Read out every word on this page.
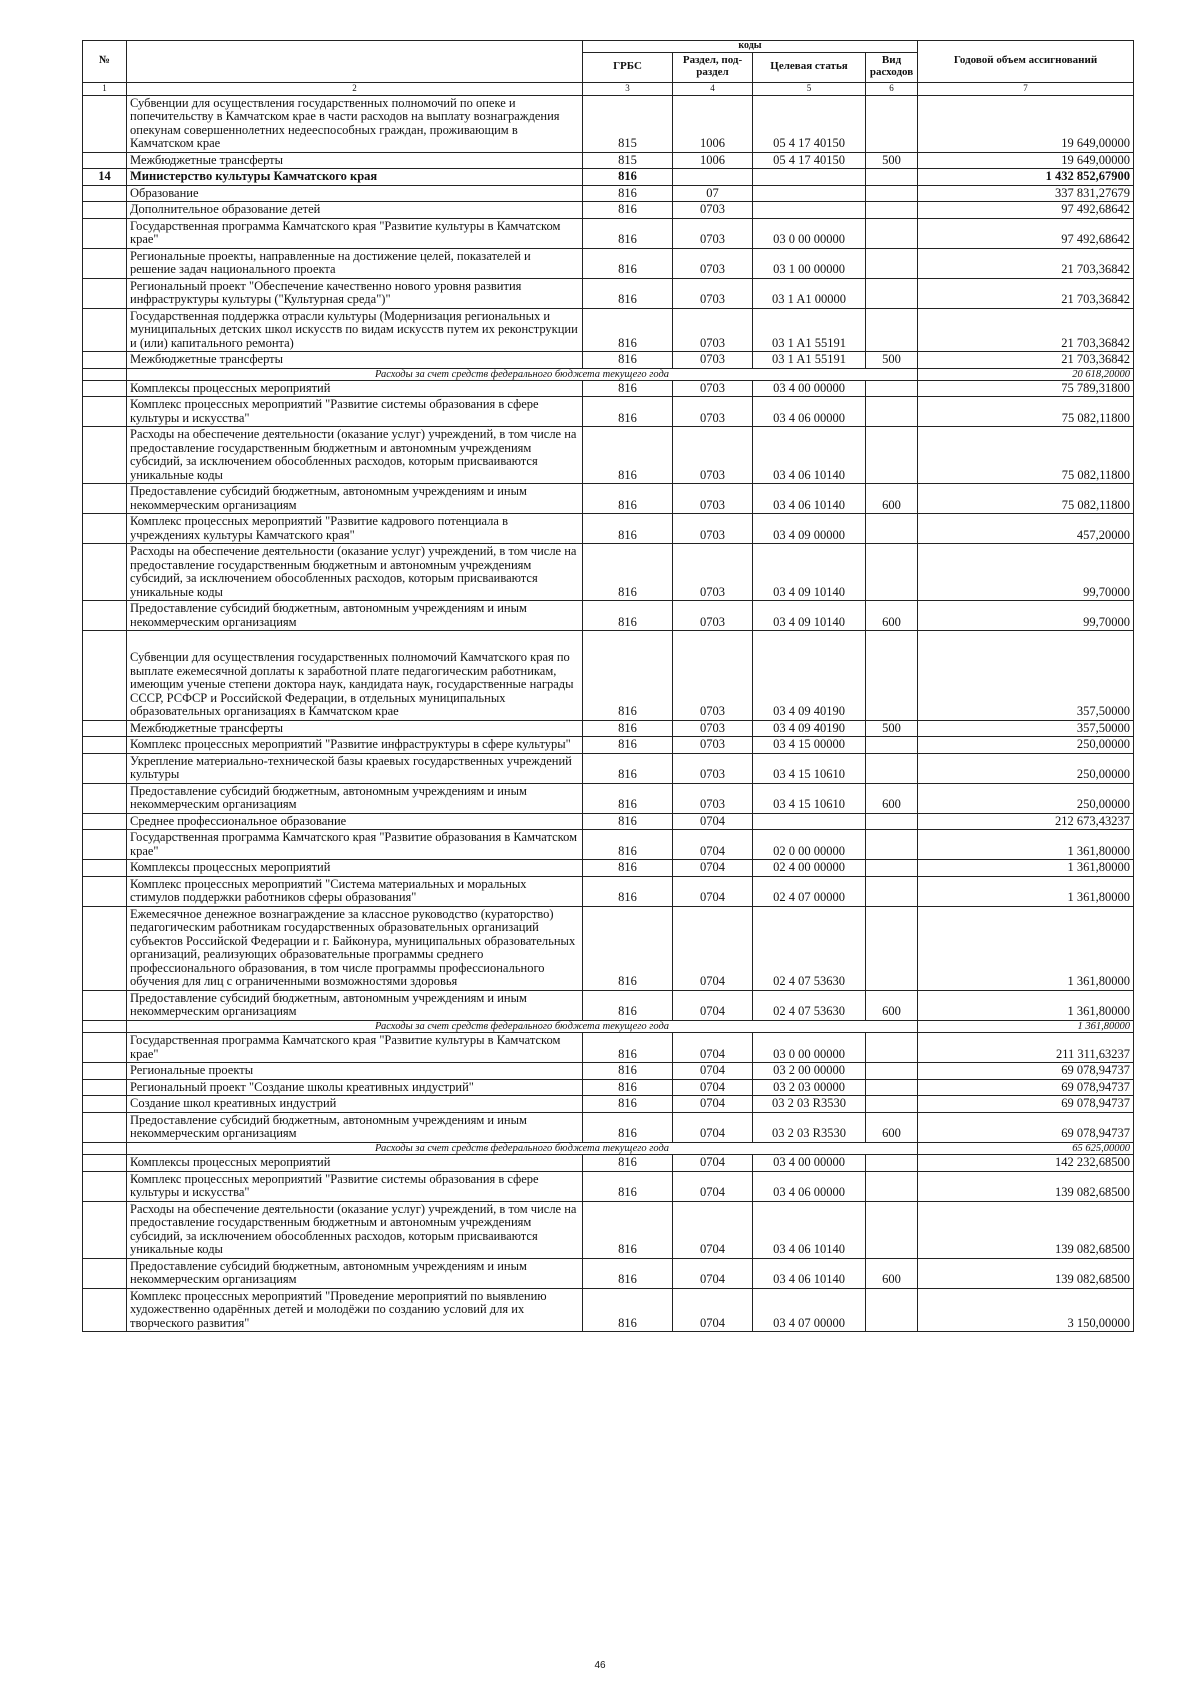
№		коды				Годовой объем ассигнований
		ГРБС	Раздел, под-раздел	Целевая статья	Вид расходов	
1	2	3	4	5	6	7
	Субвенции для осуществления государственных полномочий по опеке и попечительству в Камчатском крае в части расходов на выплату вознаграждения опекунам совершеннолетних недееспособных граждан, проживающим в Камчатском крае	815	1006	05 4 17 40150		19 649,00000
	Межбюджетные трансферты	815	1006	05 4 17 40150	500	19 649,00000
14	Министерство культуры Камчатского края	816				1 432 852,67900
	Образование	816	07			337 831,27679
	Дополнительное образование детей	816	0703			97 492,68642
	Государственная программа Камчатского края "Развитие культуры в Камчатском крае"	816	0703	03 0 00 00000		97 492,68642
	Региональные проекты, направленные на достижение целей, показателей и решение задач национального проекта	816	0703	03 1 00 00000		21 703,36842
	Региональный проект "Обеспечение качественно нового уровня развития инфраструктуры культуры ("Культурная среда")"	816	0703	03 1 A1 00000		21 703,36842
	Государственная поддержка отрасли культуры (Модернизация региональных и муниципальных детских школ искусств по видам искусств путем их реконструкции и (или) капитального ремонта)	816	0703	03 1 A1 55191		21 703,36842
	Межбюджетные трансферты	816	0703	03 1 A1 55191	500	21 703,36842
	Расходы за счет средств федерального бюджета текущего года					20 618,20000
	Комплексы процессных мероприятий	816	0703	03 4 00 00000		75 789,31800
	Комплекс процессных мероприятий "Развитие системы образования в сфере культуры и искусства"	816	0703	03 4 06 00000		75 082,11800
	Расходы на обеспечение деятельности (оказание услуг) учреждений, в том числе на предоставление государственным бюджетным и автономным учреждениям субсидий, за исключением обособленных расходов, которым присваиваются уникальные коды	816	0703	03 4 06 10140		75 082,11800
	Предоставление субсидий бюджетным, автономным учреждениям и иным некоммерческим организациям	816	0703	03 4 06 10140	600	75 082,11800
	Комплекс процессных мероприятий "Развитие кадрового потенциала в учреждениях культуры Камчатского края"	816	0703	03 4 09 00000		457,20000
	Расходы на обеспечение деятельности (оказание услуг) учреждений, в том числе на предоставление государственным бюджетным и автономным учреждениям субсидий, за исключением обособленных расходов, которым присваиваются уникальные коды	816	0703	03 4 09 10140		99,70000
	Предоставление субсидий бюджетным, автономным учреждениям и иным некоммерческим организациям	816	0703	03 4 09 10140	600	99,70000
	Субвенции для осуществления государственных полномочий Камчатского края по выплате ежемесячной доплаты к заработной плате педагогическим работникам, имеющим ученые степени доктора наук, кандидата наук, государственные награды СССР, РСФСР и Российской Федерации, в отдельных муниципальных образовательных организациях в Камчатском крае	816	0703	03 4 09 40190		357,50000
	Межбюджетные трансферты	816	0703	03 4 09 40190	500	357,50000
	Комплекс процессных мероприятий "Развитие инфраструктуры в сфере культуры"	816	0703	03 4 15 00000		250,00000
	Укрепление материально-технической базы краевых государственных учреждений культуры	816	0703	03 4 15 10610		250,00000
	Предоставление субсидий бюджетным, автономным учреждениям и иным некоммерческим организациям	816	0703	03 4 15 10610	600	250,00000
	Среднее профессиональное образование	816	0704			212 673,43237
	Государственная программа Камчатского края "Развитие образования в Камчатском крае"	816	0704	02 0 00 00000		1 361,80000
	Комплексы процессных мероприятий	816	0704	02 4 00 00000		1 361,80000
	Комплекс процессных мероприятий "Система материальных и моральных стимулов поддержки работников сферы образования"	816	0704	02 4 07 00000		1 361,80000
	Ежемесячное денежное вознаграждение за классное руководство (кураторство) педагогическим работникам государственных образовательных организаций субъектов Российской Федерации и г. Байконура, муниципальных образовательных организаций, реализующих образовательные программы среднего профессионального образования, в том числе программы профессионального обучения для лиц с ограниченными возможностями здоровья	816	0704	02 4 07 53630		1 361,80000
	Предоставление субсидий бюджетным, автономным учреждениям и иным некоммерческим организациям	816	0704	02 4 07 53630	600	1 361,80000
	Расходы за счет средств федерального бюджета текущего года					1 361,80000
	Государственная программа Камчатского края "Развитие культуры в Камчатском крае"	816	0704	03 0 00 00000		211 311,63237
	Региональные проекты	816	0704	03 2 00 00000		69 078,94737
	Региональный проект "Создание школы креативных индустрий"	816	0704	03 2 03 00000		69 078,94737
	Создание школ креативных индустрий	816	0704	03 2 03 R3530		69 078,94737
	Предоставление субсидий бюджетным, автономным учреждениям и иным некоммерческим организациям	816	0704	03 2 03 R3530	600	69 078,94737
	Расходы за счет средств федерального бюджета текущего года					65 625,00000
	Комплексы процессных мероприятий	816	0704	03 4 00 00000		142 232,68500
	Комплекс процессных мероприятий "Развитие системы образования в сфере культуры и искусства"	816	0704	03 4 06 00000		139 082,68500
	Расходы на обеспечение деятельности (оказание услуг) учреждений, в том числе на предоставление государственным бюджетным и автономным учреждениям субсидий, за исключением обособленных расходов, которым присваиваются уникальные коды	816	0704	03 4 06 10140		139 082,68500
	Предоставление субсидий бюджетным, автономным учреждениям и иным некоммерческим организациям	816	0704	03 4 06 10140	600	139 082,68500
	Комплекс процессных мероприятий "Проведение мероприятий по выявлению художественно одарённых детей и молодёжи по созданию условий для их творческого развития"	816	0704	03 4 07 00000		3 150,00000
46
